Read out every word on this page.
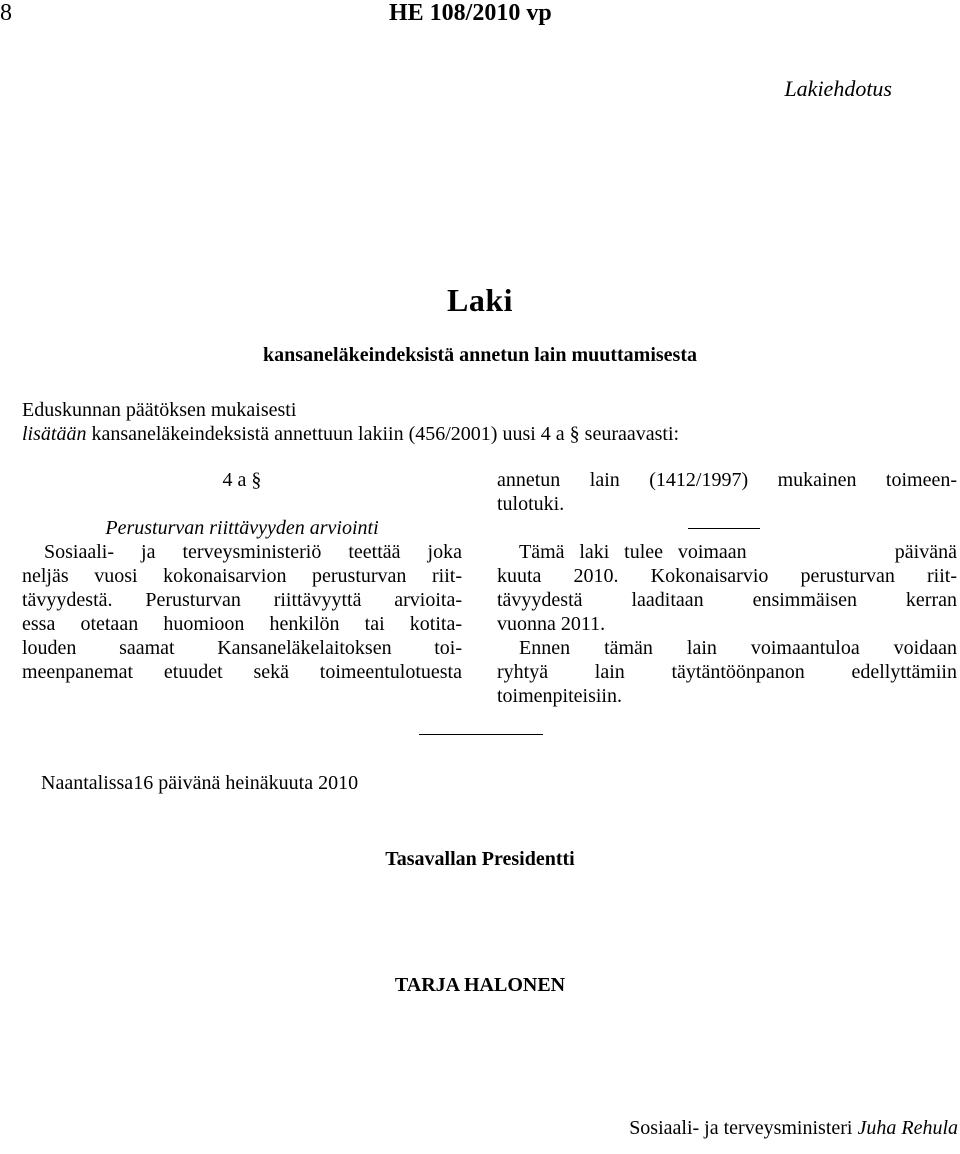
8	HE 108/2010 vp
Lakiehdotus
Laki
kansaneläkeindeksistä annetun lain muuttamisesta
Eduskunnan päätöksen mukaisesti
lisätään kansaneläkeindeksistä annettuun lakiin (456/2001) uusi 4 a § seuraavasti:
4 a §
Perusturvan riittävyyden arviointi
Sosiaali- ja terveysministeriö teettää joka
neljäs vuosi kokonaisarvion perusturvan riit-
tävyydestä. Perusturvan riittävyyttä arvioita-
essa otetaan huomioon henkilön tai kotita-
louden saamat Kansaneläkelaitoksen toi-
meenpanemat etuudet sekä toimeentulotuesta
annetun lain (1412/1997) mukainen toimeen-
tulotuki.
Tämä laki tulee voimaan          päivänä
kuuta 2010. Kokonaisarvio perusturvan riit-
tävyydestä laaditaan ensimmäisen kerran
vuonna 2011.
Ennen tämän lain voimaantuloa voidaan
ryhtyä lain täytäntöönpanon edellyttämiin
toimenpiteisiin.
Naantalissa16 päivänä heinäkuuta 2010
Tasavallan Presidentti
TARJA HALONEN
Sosiaali- ja terveysministeri Juha Rehula
